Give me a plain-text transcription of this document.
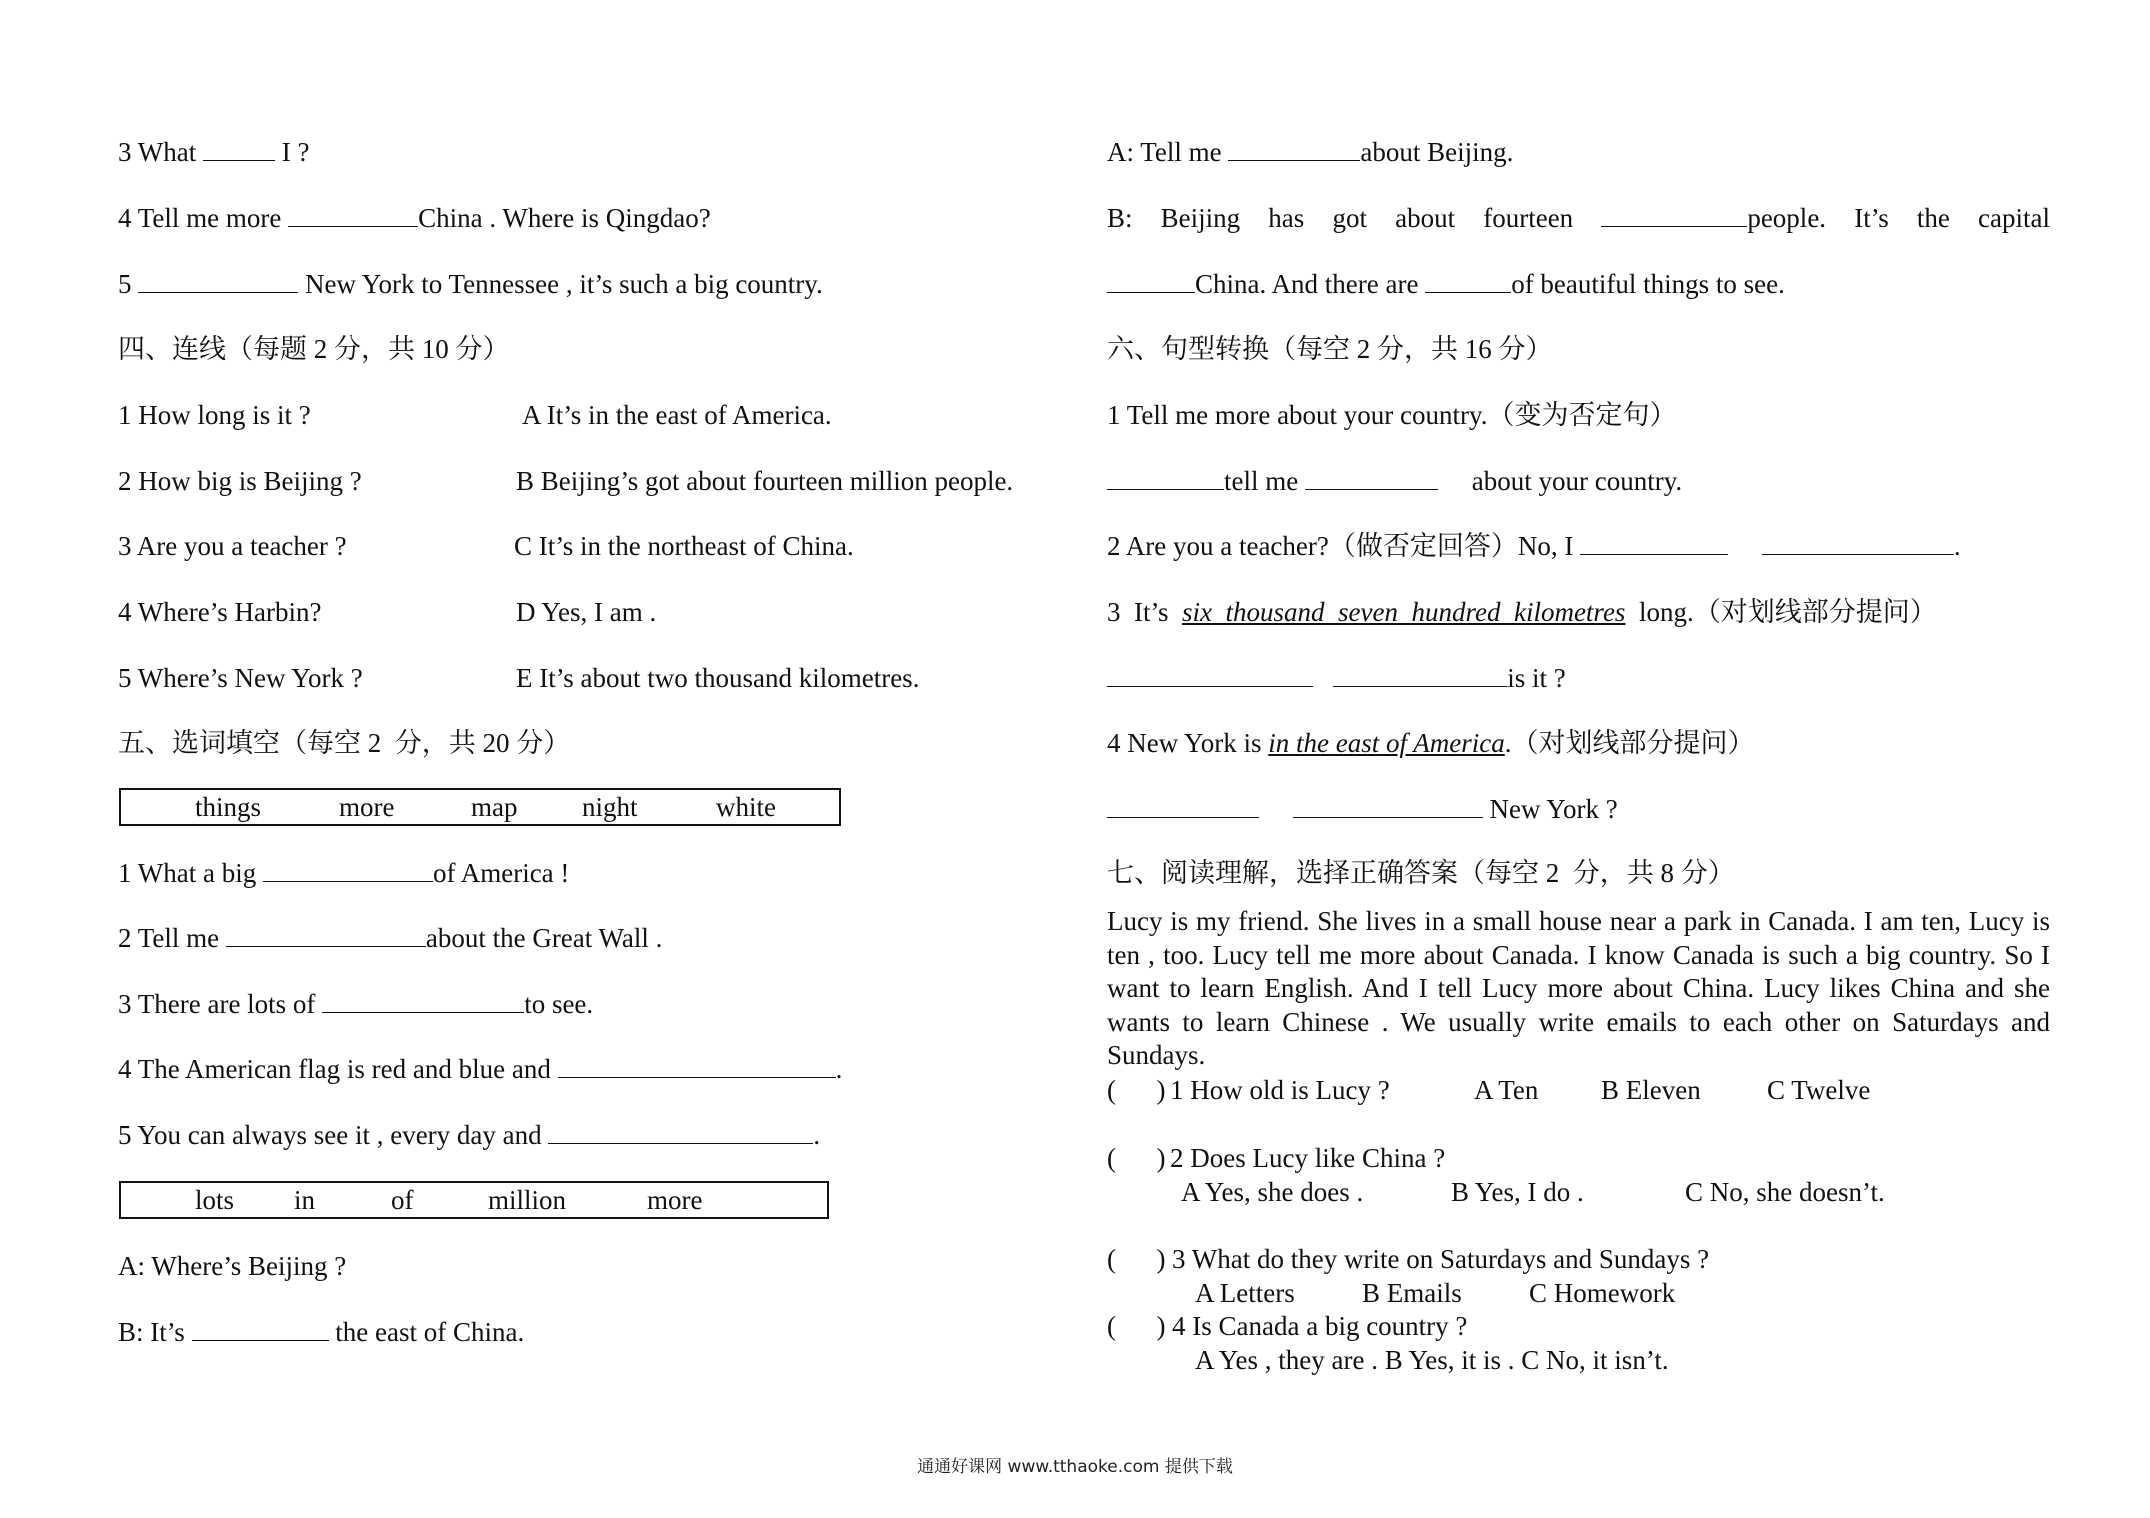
3 What	I ?
4 Tell me more	China . Where is Qingdao?
5	New York to Tennessee , it’s such a big country.
四、连线（每题 2 分，共 10 分）
1 How long is it ?	A It’s in the east of America.
2 How big is Beijing ?	B Beijing’s got about fourteen million people.
3 Are you a teacher ?	C It’s in the northeast of China.
4 Where’s Harbin?	D Yes, I am .
5 Where’s New York ?	E It’s about two thousand kilometres.
五、选词填空（每空 2  分，共 20 分）
things	more	map night	white
1 What a big	of America !
2 Tell me	about the Great Wall .
3 There are lots of	to see.
4 The American flag is red and blue and	.
5 You can always see it , every day and	.
lots in	of	million	more
A: Where’s Beijing ?
B: It’s	the east of China.
A: Tell me	about Beijing.
B: Beijing has got about fourteen	people. It’s the capital
China. And there are	of beautiful things to see.
六、句型转换（每空 2 分，共 16 分）
1 Tell me more about your country.（变为否定句）
tell me	about your country.
2 Are you a teacher?（做否定回答）No, I	.
3  It’s six  thousand  seven  hundred  kilometres long.（对划线部分提问）
is it ?
4 New York is in the east of America.（对划线部分提问）
New York ?
七、阅读理解，选择正确答案（每空 2  分，共 8 分）
Lucy is my friend. She lives in a small house near a park in Canada. I am ten, Lucy is ten , too. Lucy tell me more about Canada. I know Canada is such a big country. So I want to learn English. And I tell Lucy more about China. Lucy likes China and she wants to learn Chinese . We usually write emails to each other on Saturdays and Sundays.
(      ) 1 How old is Lucy ?	A Ten B Eleven C Twelve
(      ) 2 Does Lucy like China ?
A Yes, she does .	B Yes, I do .	C No, she doesn’t.
(      ) 3 What do they write on Saturdays and Sundays ?
A Letters B Emails C Homework
(      ) 4 Is Canada a big country ?
A Yes , they are . B Yes, it is . C No, it isn’t.
通通好课网 www.tthaoke.com 提供下载
